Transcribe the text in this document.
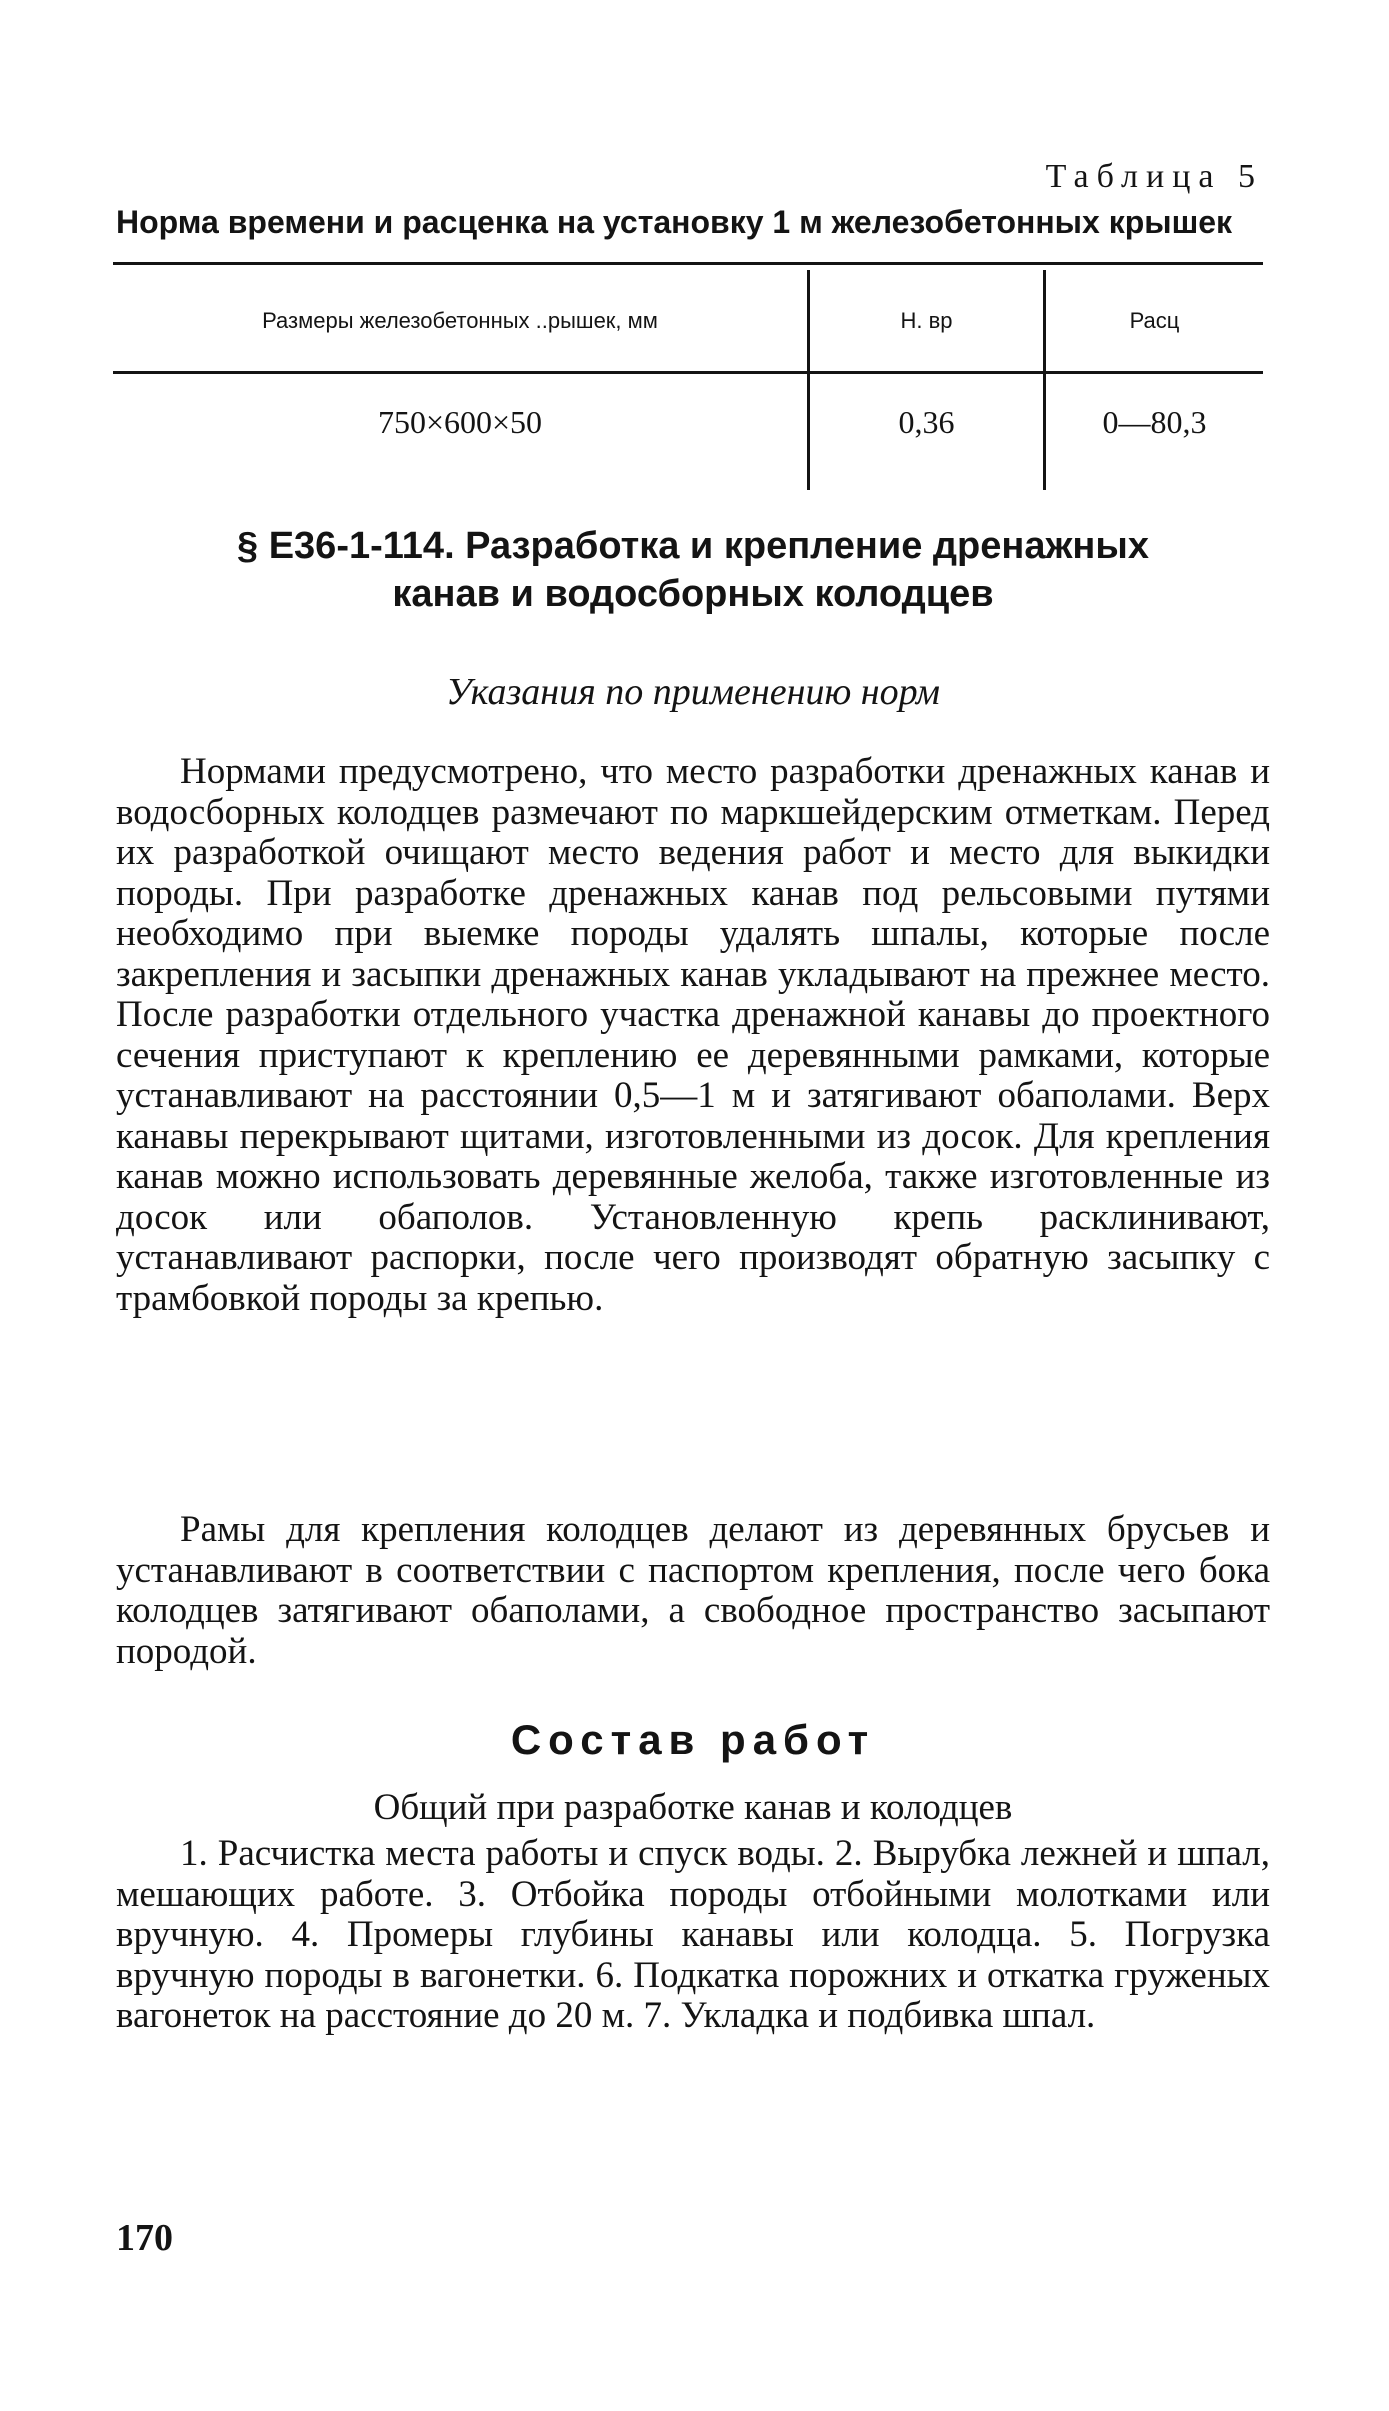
Таблица 5
Норма времени и расценка на установку 1 м железобетонных крышек
Размеры железобетонных ..рышек, мм	Н. вр	Расц
750×600×50	0,36	0—80,3
§ Е36-1-114. Разработка и крепление дренажных
канав и водосборных колодцев
Указания по применению норм

Нормами предусмотрено, что место разработки дренажных канав и водосборных колодцев размечают по маркшейдерским отметкам. Перед их разработкой очищают место ведения работ и место для выкидки породы. При разработке дренажных канав под рельсовыми путями необходимо при выемке породы удалять шпалы, которые после закрепления и засыпки дренажных канав укладывают на прежнее место. После разработки отдельного участка дренажной канавы до проектного сечения приступают к креплению ее деревянными рамками, которые устанавливают на расстоянии 0,5—1 м и затягивают обаполами. Верх канавы перекрывают щитами, изготовленными из досок. Для крепления канав можно использовать деревянные желоба, также изготовленные из досок или обаполов. Установленную крепь расклинивают, устанавливают распорки, после чего производят обратную засыпку с трамбовкой породы за крепью.

Рамы для крепления колодцев делают из деревянных брусьев и устанавливают в соответствии с паспортом крепления, после чего бока колодцев затягивают обаполами, а свободное пространство засыпают породой.

Состав работ
Общий при разработке канав и колодцев

1. Расчистка места работы и спуск воды. 2. Вырубка лежней и шпал, мешающих работе. 3. Отбойка породы отбойными молотками или вручную. 4. Промеры глубины канавы или колодца. 5. Погрузка вручную породы в вагонетки. 6. Подкатка порожних и откатка груженых вагонеток на расстояние до 20 м. 7. Укладка и подбивка шпал.

170
